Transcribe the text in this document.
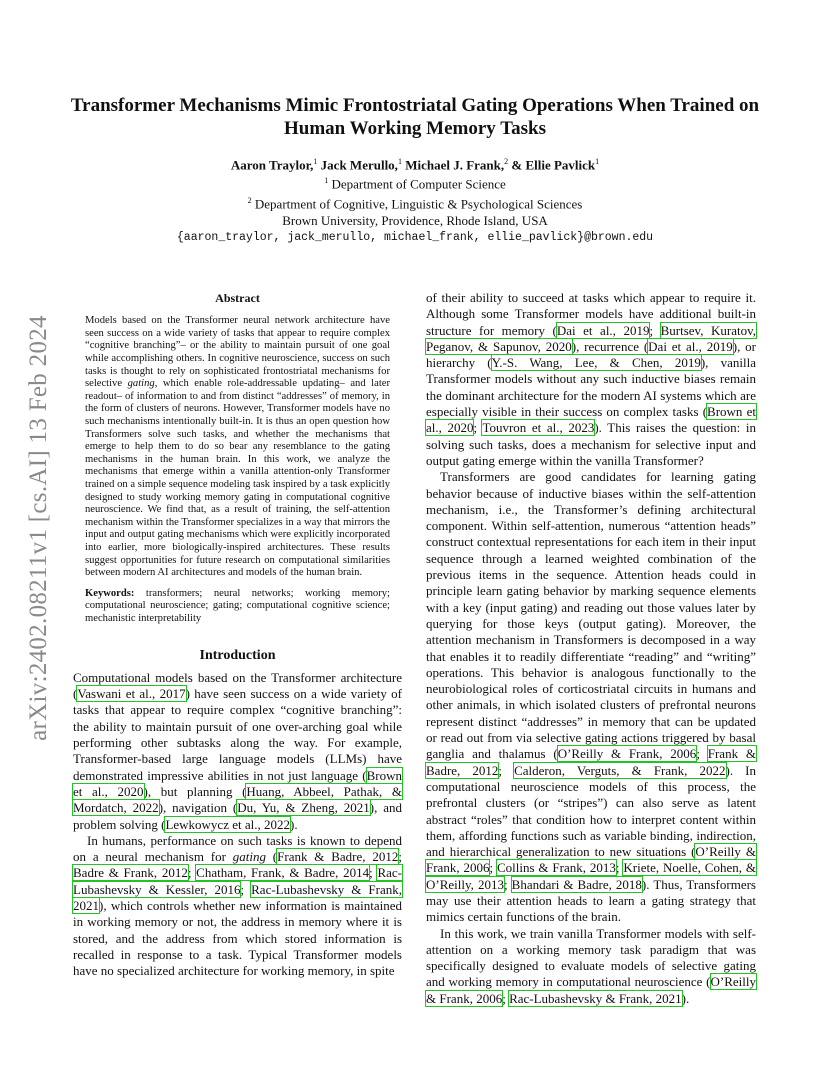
arXiv:2402.08211v1 [cs.AI] 13 Feb 2024
Transformer Mechanisms Mimic Frontostriatal Gating Operations When Trained on Human Working Memory Tasks
Aaron Traylor,$^1$ Jack Merullo,$^1$ Michael J. Frank,$^2$ & Ellie Pavlick$^1$
$^1$ Department of Computer Science
$^2$ Department of Cognitive, Linguistic & Psychological Sciences
Brown University, Providence, Rhode Island, USA
{aaron_traylor, jack_merullo, michael_frank, ellie_pavlick}@brown.edu
Abstract
Models based on the Transformer neural network architecture have seen success on a wide variety of tasks that appear to require complex “cognitive branching”– or the ability to maintain pursuit of one goal while accomplishing others. In cognitive neuroscience, success on such tasks is thought to rely on sophisticated frontostriatal mechanisms for selective gating, which enable role-addressable updating– and later readout– of information to and from distinct “addresses” of memory, in the form of clusters of neurons. However, Transformer models have no such mechanisms intentionally built-in. It is thus an open question how Transformers solve such tasks, and whether the mechanisms that emerge to help them to do so bear any resemblance to the gating mechanisms in the human brain. In this work, we analyze the mechanisms that emerge within a vanilla attention-only Transformer trained on a simple sequence modeling task inspired by a task explicitly designed to study working memory gating in computational cognitive neuroscience. We find that, as a result of training, the self-attention mechanism within the Transformer specializes in a way that mirrors the input and output gating mechanisms which were explicitly incorporated into earlier, more biologically-inspired architectures. These results suggest opportunities for future research on computational similarities between modern AI architectures and models of the human brain.
Keywords: transformers; neural networks; working memory; computational neuroscience; gating; computational cognitive science; mechanistic interpretability
Introduction

Computational models based on the Transformer architecture (Vaswani et al., 2017) have seen success on a wide variety of tasks that appear to require complex “cognitive branching”: the ability to maintain pursuit of one over-arching goal while performing other subtasks along the way. For example, Transformer-based large language models (LLMs) have demonstrated impressive abilities in not just language (Brown et al., 2020), but planning (Huang, Abbeel, Pathak, & Mordatch, 2022), navigation (Du, Yu, & Zheng, 2021), and problem solving (Lewkowycz et al., 2022).

In humans, performance on such tasks is known to depend on a neural mechanism for gating (Frank & Badre, 2012; Badre & Frank, 2012; Chatham, Frank, & Badre, 2014; Rac-Lubashevsky & Kessler, 2016; Rac-Lubashevsky & Frank, 2021), which controls whether new information is maintained in working memory or not, the address in memory where it is stored, and the address from which stored information is recalled in response to a task. Typical Transformer models have no specialized architecture for working memory, in spite

of their ability to succeed at tasks which appear to require it. Although some Transformer models have additional built-in structure for memory (Dai et al., 2019; Burtsev, Kuratov, Peganov, & Sapunov, 2020), recurrence (Dai et al., 2019), or hierarchy (Y.-S. Wang, Lee, & Chen, 2019), vanilla Transformer models without any such inductive biases remain the dominant architecture for the modern AI systems which are especially visible in their success on complex tasks (Brown et al., 2020; Touvron et al., 2023). This raises the question: in solving such tasks, does a mechanism for selective input and output gating emerge within the vanilla Transformer?

Transformers are good candidates for learning gating behavior because of inductive biases within the self-attention mechanism, i.e., the Transformer’s defining architectural component. Within self-attention, numerous “attention heads” construct contextual representations for each item in their input sequence through a learned weighted combination of the previous items in the sequence. Attention heads could in principle learn gating behavior by marking sequence elements with a key (input gating) and reading out those values later by querying for those keys (output gating). Moreover, the attention mechanism in Transformers is decomposed in a way that enables it to readily differentiate “reading” and “writing” operations. This behavior is analogous functionally to the neurobiological roles of corticostriatal circuits in humans and other animals, in which isolated clusters of prefrontal neurons represent distinct “addresses” in memory that can be updated or read out from via selective gating actions triggered by basal ganglia and thalamus (O’Reilly & Frank, 2006; Frank & Badre, 2012; Calderon, Verguts, & Frank, 2022). In computational neuroscience models of this process, the prefrontal clusters (or “stripes”) can also serve as latent abstract “roles” that condition how to interpret content within them, affording functions such as variable binding, indirection, and hierarchical generalization to new situations (O’Reilly & Frank, 2006; Collins & Frank, 2013; Kriete, Noelle, Cohen, & O’Reilly, 2013; Bhandari & Badre, 2018). Thus, Transformers may use their attention heads to learn a gating strategy that mimics certain functions of the brain.

In this work, we train vanilla Transformer models with self-attention on a working memory task paradigm that was specifically designed to evaluate models of selective gating and working memory in computational neuroscience (O’Reilly & Frank, 2006; Rac-Lubashevsky & Frank, 2021).
